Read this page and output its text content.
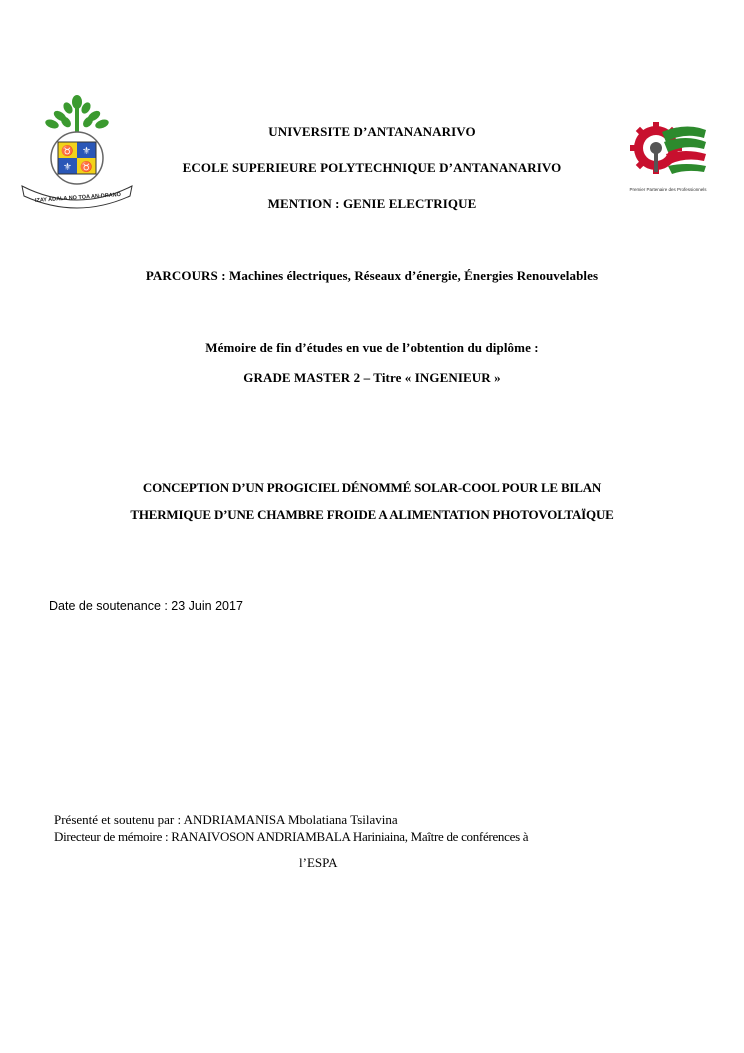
♉ ⚜
⚜ ♉
IZAY ADALA NO TOA AN-DRANO
UNIVERSITE D’ANTANANARIVO
ECOLE SUPERIEURE POLYTECHNIQUE D’ANTANANARIVO
MENTION : GENIE ELECTRIQUE
Premier Partenaire des Professionnels
PARCOURS : Machines électriques, Réseaux d’énergie, Énergies Renouvelables
Mémoire de fin d’études en vue de l’obtention du diplôme :
GRADE MASTER 2 – Titre « INGENIEUR »
CONCEPTION D’UN PROGICIEL DÉNOMMÉ SOLAR-COOL POUR LE BILAN
THERMIQUE D’UNE CHAMBRE FROIDE A ALIMENTATION PHOTOVOLTAÏQUE
Date de soutenance : 23 Juin 2017
Présenté et soutenu par : ANDRIAMANISA Mbolatiana Tsilavina
Directeur de mémoire : RANAIVOSON ANDRIAMBALA Hariniaina, Maître de conférences à
l’ESPA
